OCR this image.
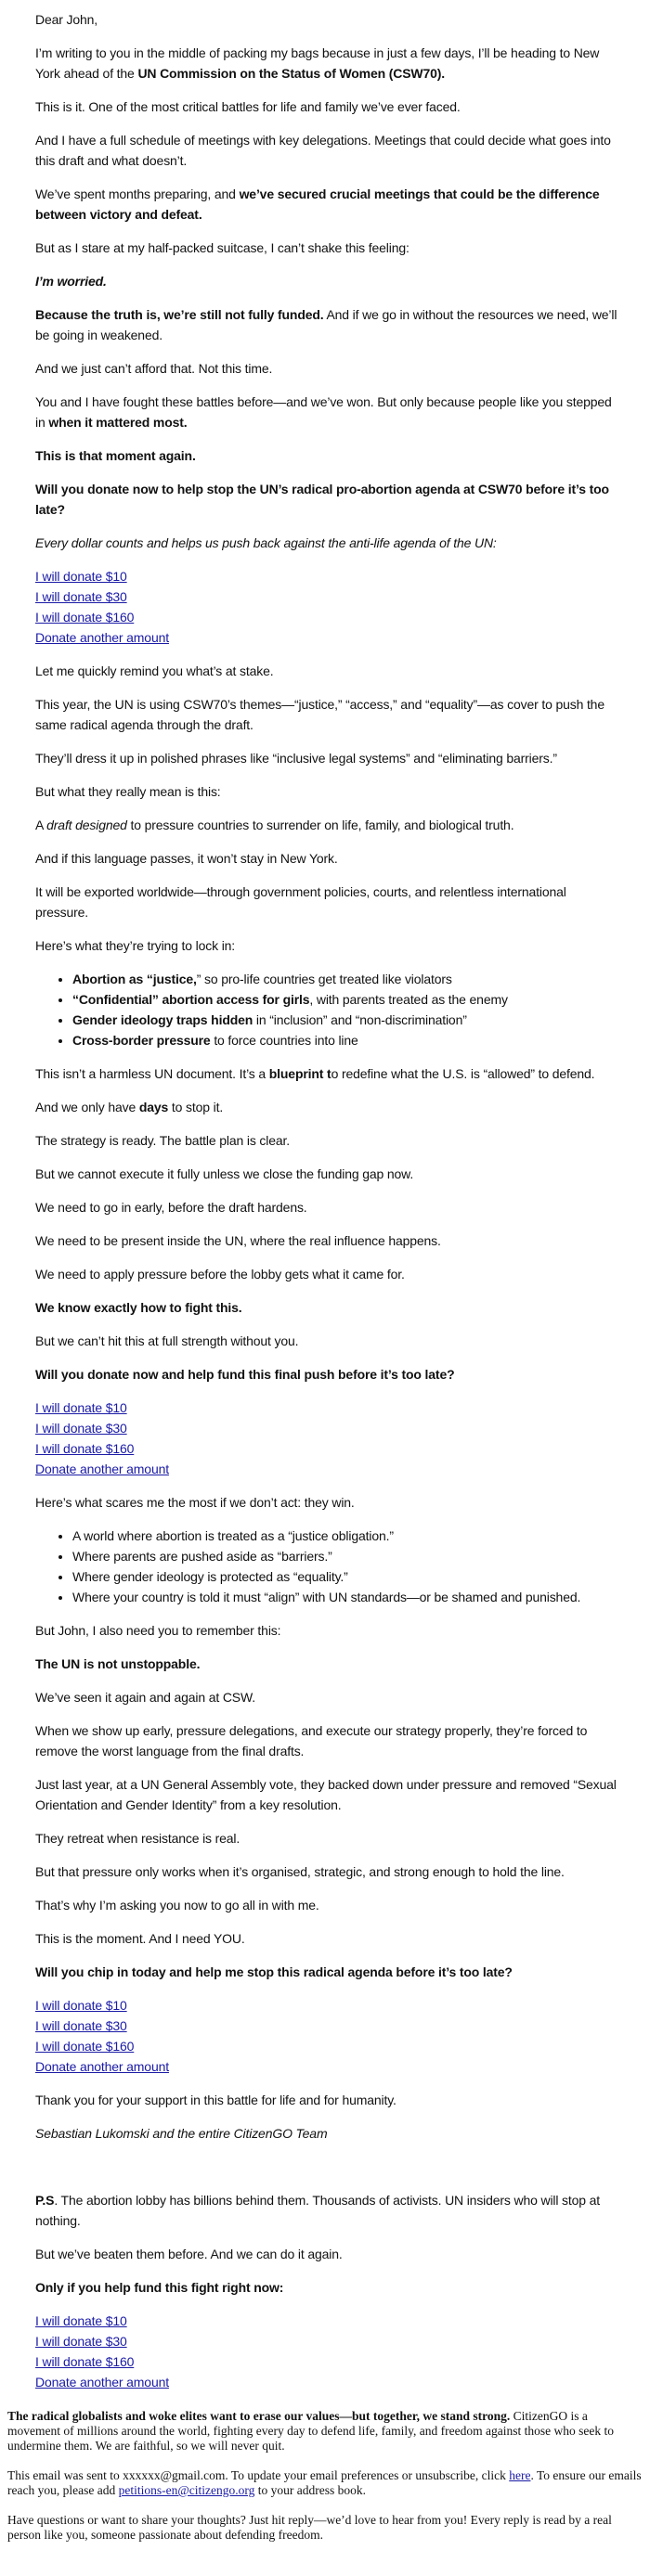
Dear John,

I’m writing to you in the middle of packing my bags because in just a few days, I’ll be heading to New York ahead of the UN Commission on the Status of Women (CSW70).

This is it. One of the most critical battles for life and family we’ve ever faced.

And I have a full schedule of meetings with key delegations. Meetings that could decide what goes into this draft and what doesn’t.

We’ve spent months preparing, and we’ve secured crucial meetings that could be the difference between victory and defeat.

But as I stare at my half-packed suitcase, I can’t shake this feeling:

I’m worried.

Because the truth is, we’re still not fully funded. And if we go in without the resources we need, we’ll be going in weakened.

And we just can’t afford that. Not this time.

You and I have fought these battles before—and we’ve won. But only because people like you stepped in when it mattered most.

This is that moment again.

Will you donate now to help stop the UN’s radical pro-abortion agenda at CSW70 before it’s too late?

Every dollar counts and helps us push back against the anti-life agenda of the UN:

I will donate $10
I will donate $30
I will donate $160
Donate another amount

Let me quickly remind you what’s at stake.

This year, the UN is using CSW70’s themes—“justice,” “access,” and “equality”—as cover to push the same radical agenda through the draft.

They’ll dress it up in polished phrases like “inclusive legal systems” and “eliminating barriers.”

But what they really mean is this:

A draft designed to pressure countries to surrender on life, family, and biological truth.

And if this language passes, it won’t stay in New York.

It will be exported worldwide—through government policies, courts, and relentless international pressure.

Here’s what they’re trying to lock in:

• Abortion as “justice,” so pro-life countries get treated like violators
• “Confidential” abortion access for girls, with parents treated as the enemy
• Gender ideology traps hidden in “inclusion” and “non-discrimination”
• Cross-border pressure to force countries into line

This isn’t a harmless UN document. It’s a blueprint to redefine what the U.S. is “allowed” to defend.

And we only have days to stop it.

The strategy is ready. The battle plan is clear.

But we cannot execute it fully unless we close the funding gap now.

We need to go in early, before the draft hardens.

We need to be present inside the UN, where the real influence happens.

We need to apply pressure before the lobby gets what it came for.

We know exactly how to fight this.

But we can’t hit this at full strength without you.

Will you donate now and help fund this final push before it’s too late?

I will donate $10
I will donate $30
I will donate $160
Donate another amount

Here’s what scares me the most if we don’t act: they win.

• A world where abortion is treated as a “justice obligation.”
• Where parents are pushed aside as “barriers.”
• Where gender ideology is protected as “equality.”
• Where your country is told it must “align” with UN standards—or be shamed and punished.

But John, I also need you to remember this:

The UN is not unstoppable.

We’ve seen it again and again at CSW.

When we show up early, pressure delegations, and execute our strategy properly, they’re forced to remove the worst language from the final drafts.

Just last year, at a UN General Assembly vote, they backed down under pressure and removed “Sexual Orientation and Gender Identity” from a key resolution.

They retreat when resistance is real.

But that pressure only works when it’s organised, strategic, and strong enough to hold the line.

That’s why I’m asking you now to go all in with me.

This is the moment. And I need YOU.

Will you chip in today and help me stop this radical agenda before it’s too late?

I will donate $10
I will donate $30
I will donate $160
Donate another amount

Thank you for your support in this battle for life and for humanity.

Sebastian Lukomski and the entire CitizenGO Team

P.S. The abortion lobby has billions behind them. Thousands of activists. UN insiders who will stop at nothing.

But we’ve beaten them before. And we can do it again.

Only if you help fund this fight right now:

I will donate $10
I will donate $30
I will donate $160
Donate another amount

The radical globalists and woke elites want to erase our values—but together, we stand strong. CitizenGO is a movement of millions around the world, fighting every day to defend life, family, and freedom against those who seek to undermine them. We are faithful, so we will never quit.

This email was sent to xxxxxx@gmail.com. To update your email preferences or unsubscribe, click here. To ensure our emails reach you, please add petitions-en@citizengo.org to your address book.

Have questions or want to share your thoughts? Just hit reply—we’d love to hear from you! Every reply is read by a real person like you, someone passionate about defending freedom.
